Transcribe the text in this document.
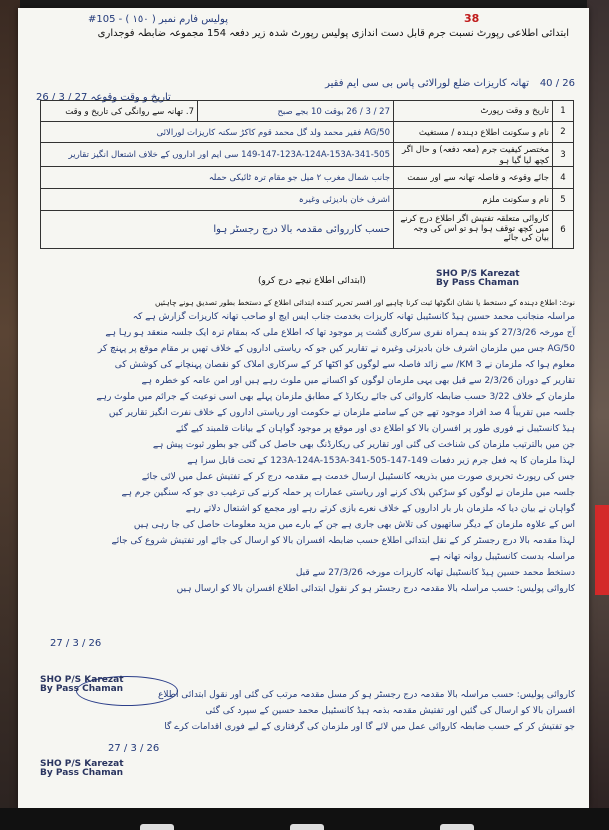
38
#105 - ( ١٥٠ ) پولیس فارم نمبر
ابتدائی اطلاعی رپورٹ نسبت جرم قابل دست اندازی پولیس رپورٹ شدہ زیر دفعہ 154 مجموعہ ضابطہ فوجداری
40 / 26
تھانہ کاریزات ضلع لورالائی پاس بی سی ایم فقیر
تاریخ و وقت وقوعہ 27 / 3 / 26
1	تاریخ و وقت رپورٹ	27 / 3 / 26 بوقت 10 بجے صبح	7. تھانہ سے روانگی کی تاریخ و وقت
2	نام و سکونت اطلاع دہندہ / مستغیث	AG/50 فقیر محمد ولد گل محمد قوم کاکڑ سکنہ کاریزات لورالائی	
3	مختصر کیفیت جرم (معہ دفعہ) و حال اگر کچھ لیا گیا ہو	149-147-123A-124A-153A-341-505 سی ایم اور اداروں کے خلاف اشتعال انگیز تقاریر	
4	جائے وقوعہ و فاصلہ تھانہ سے اور سمت	جانب شمال مغرب ۲ میل جو مقام ترہ ٹائیکی حملہ	
5	نام و سکونت ملزم	اشرف خان بادیزئی وغیرہ	
6	کاروائی متعلقہ تفتیش اگر اطلاع درج کرنے میں کچھ توقف ہوا ہو تو اس کی وجہ بیان کی جائے	حسب کارروائی مقدمہ بالا درج رجسٹر ہوا	
(ابتدائی اطلاع نیچے درج کرو)
SHO P/S Karezat
By Pass Chaman
نوٹ: اطلاع دہندہ کے دستخط یا نشان انگوٹھا ثبت کرنا چاہیے اور افسر تحریر کنندہ ابتدائی اطلاع کے دستخط بطور تصدیق ہونے چاہئیں
مراسلہ منجانب محمد حسین ہیڈ کانسٹیبل تھانہ کاریزات بخدمت جناب ایس ایچ او صاحب تھانہ کاریزات گزارش ہے کہ
آج مورخہ 27/3/26 کو بندہ ہمراہ نفری سرکاری گشت پر موجود تھا کہ اطلاع ملی کہ بمقام ترہ ایک جلسہ منعقد ہو رہا ہے
AG/50 جس میں ملزمان اشرف خان بادیزئی وغیرہ نے تقاریر کیں جو کہ ریاستی اداروں کے خلاف تھیں بر مقام موقع پر پہنچ کر
معلوم ہوا کہ ملزمان نے 3 KM/ سے زائد فاصلہ سے لوگوں کو اکٹھا کر کے سرکاری املاک کو نقصان پہنچانے کی کوشش کی
تقاریر کے دوران 2/3/26 سے قبل بھی یہی ملزمان لوگوں کو اکسانے میں ملوث رہے ہیں اور امن عامہ کو خطرہ ہے
ملزمان کے خلاف 3/22 حسب ضابطہ کاروائی کی جائے ریکارڈ کے مطابق ملزمان پہلے بھی اسی نوعیت کے جرائم میں ملوث رہے
جلسہ میں تقریباً 4 صد افراد موجود تھے جن کے سامنے ملزمان نے حکومت اور ریاستی اداروں کے خلاف نفرت انگیز تقاریر کیں
ہیڈ کانسٹیبل نے فوری طور پر افسران بالا کو اطلاع دی اور موقع پر موجود گواہان کے بیانات قلمبند کیے گئے
جن میں بالترتیب ملزمان کی شناخت کی گئی اور تقاریر کی ریکارڈنگ بھی حاصل کی گئی جو بطور ثبوت پیش ہے
لہذا ملزمان کا یہ فعل جرم زیر دفعات 149-147-123A-124A-153A-341-505 کے تحت قابل سزا ہے
جس کی رپورٹ تحریری صورت میں بذریعہ کانسٹیبل ارسال خدمت ہے مقدمہ درج کر کے تفتیش عمل میں لائی جائے
جلسہ میں ملزمان نے لوگوں کو سڑکیں بلاک کرنے اور ریاستی عمارات پر حملہ کرنے کی ترغیب دی جو کہ سنگین جرم ہے
گواہان نے بیان دیا کہ ملزمان بار بار اداروں کے خلاف نعرے بازی کرتے رہے اور مجمع کو اشتعال دلاتے رہے
اس کے علاوہ ملزمان کے دیگر ساتھیوں کی تلاش بھی جاری ہے جن کے بارے میں مزید معلومات حاصل کی جا رہی ہیں
لہذا مقدمہ بالا درج رجسٹر کر کے نقل ابتدائی اطلاع حسب ضابطہ افسران بالا کو ارسال کی جائے اور تفتیش شروع کی جائے
مراسلہ بدست کانسٹیبل روانہ تھانہ ہے
دستخط محمد حسین ہیڈ کانسٹیبل تھانہ کاریزات مورخہ 27/3/26 سے قبل
کاروائی پولیس: حسب مراسلہ بالا مقدمہ درج رجسٹر ہو کر نقول ابتدائی اطلاع افسران بالا کو ارسال ہیں
27 / 3 / 26
SHO P/S Karezat
By Pass Chaman
کاروائی پولیس: حسب مراسلہ بالا مقدمہ درج رجسٹر ہو کر مسل مقدمہ مرتب کی گئی اور نقول ابتدائی اطلاع
افسران بالا کو ارسال کی گئیں اور تفتیش مقدمہ بذمہ ہیڈ کانسٹیبل محمد حسین کے سپرد کی گئی
جو تفتیش کر کے حسب ضابطہ کاروائی عمل میں لائے گا اور ملزمان کی گرفتاری کے لیے فوری اقدامات کرے گا
27 / 3 / 26
SHO P/S Karezat
By Pass Chaman
